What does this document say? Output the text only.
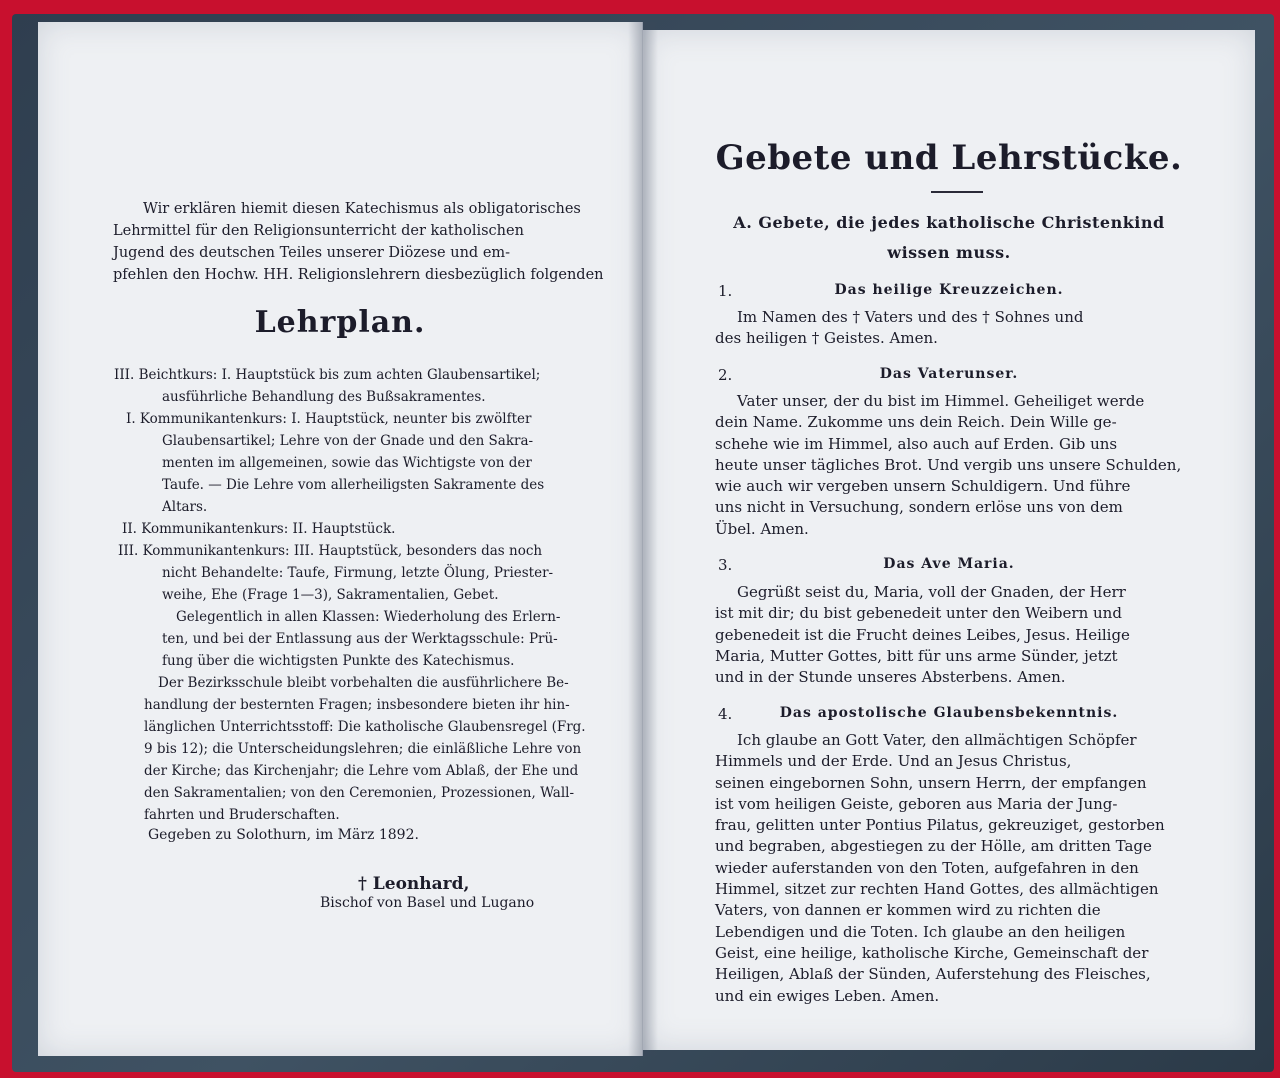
Wir erklären hiemit diesen Katechismus als obligatorisches
Lehrmittel für den Religionsunterricht der katholischen
Jugend des deutschen Teiles unserer Diözese und em-
pfehlen den Hochw. HH. Religionslehrern diesbezüglich folgenden
Lehrplan.
III. Beichtkurs: I. Hauptstück bis zum achten Glaubensartikel;
ausführliche Behandlung des Bußsakramentes.
I. Kommunikantenkurs: I. Hauptstück, neunter bis zwölfter
Glaubensartikel; Lehre von der Gnade und den Sakra-
menten im allgemeinen, sowie das Wichtigste von der
Taufe. — Die Lehre vom allerheiligsten Sakramente des
Altars.
II. Kommunikantenkurs: II. Hauptstück.
III. Kommunikantenkurs: III. Hauptstück, besonders das noch
nicht Behandelte: Taufe, Firmung, letzte Ölung, Priester-
weihe, Ehe (Frage 1—3), Sakramentalien, Gebet.
Gelegentlich in allen Klassen: Wiederholung des Erlern-
ten, und bei der Entlassung aus der Werktagsschule: Prü-
fung über die wichtigsten Punkte des Katechismus.
Der Bezirksschule bleibt vorbehalten die ausführlichere Be-
handlung der besternten Fragen; insbesondere bieten ihr hin-
länglichen Unterrichtsstoff: Die katholische Glaubensregel (Frg.
9 bis 12); die Unterscheidungslehren; die einläßliche Lehre von
der Kirche; das Kirchenjahr; die Lehre vom Ablaß, der Ehe und
den Sakramentalien; von den Ceremonien, Prozessionen, Wall-
fahrten und Bruderschaften.
Gegeben zu Solothurn, im März 1892.
† Leonhard,
Bischof von Basel und Lugano
Gebete und Lehrstücke.
A. Gebete, die jedes katholische Christenkind
wissen muss.
1.	Das heilige Kreuzzeichen.
Im Namen des † Vaters und des † Sohnes und
des heiligen † Geistes. Amen.
2.	Das Vaterunser.
Vater unser, der du bist im Himmel. Geheiliget werde
dein Name. Zukomme uns dein Reich. Dein Wille ge-
schehe wie im Himmel, also auch auf Erden. Gib uns
heute unser tägliches Brot. Und vergib uns unsere Schulden,
wie auch wir vergeben unsern Schuldigern. Und führe
uns nicht in Versuchung, sondern erlöse uns von dem
Übel. Amen.
3.	Das Ave Maria.
Gegrüßt seist du, Maria, voll der Gnaden, der Herr
ist mit dir; du bist gebenedeit unter den Weibern und
gebenedeit ist die Frucht deines Leibes, Jesus. Heilige
Maria, Mutter Gottes, bitt für uns arme Sünder, jetzt
und in der Stunde unseres Absterbens. Amen.
4.	Das apostolische Glaubensbekenntnis.
Ich glaube an Gott Vater, den allmächtigen Schöpfer
Himmels und der Erde. Und an Jesus Christus,
seinen eingebornen Sohn, unsern Herrn, der empfangen
ist vom heiligen Geiste, geboren aus Maria der Jung-
frau, gelitten unter Pontius Pilatus, gekreuziget, gestorben
und begraben, abgestiegen zu der Hölle, am dritten Tage
wieder auferstanden von den Toten, aufgefahren in den
Himmel, sitzet zur rechten Hand Gottes, des allmächtigen
Vaters, von dannen er kommen wird zu richten die
Lebendigen und die Toten. Ich glaube an den heiligen
Geist, eine heilige, katholische Kirche, Gemeinschaft der
Heiligen, Ablaß der Sünden, Auferstehung des Fleisches,
und ein ewiges Leben. Amen.
